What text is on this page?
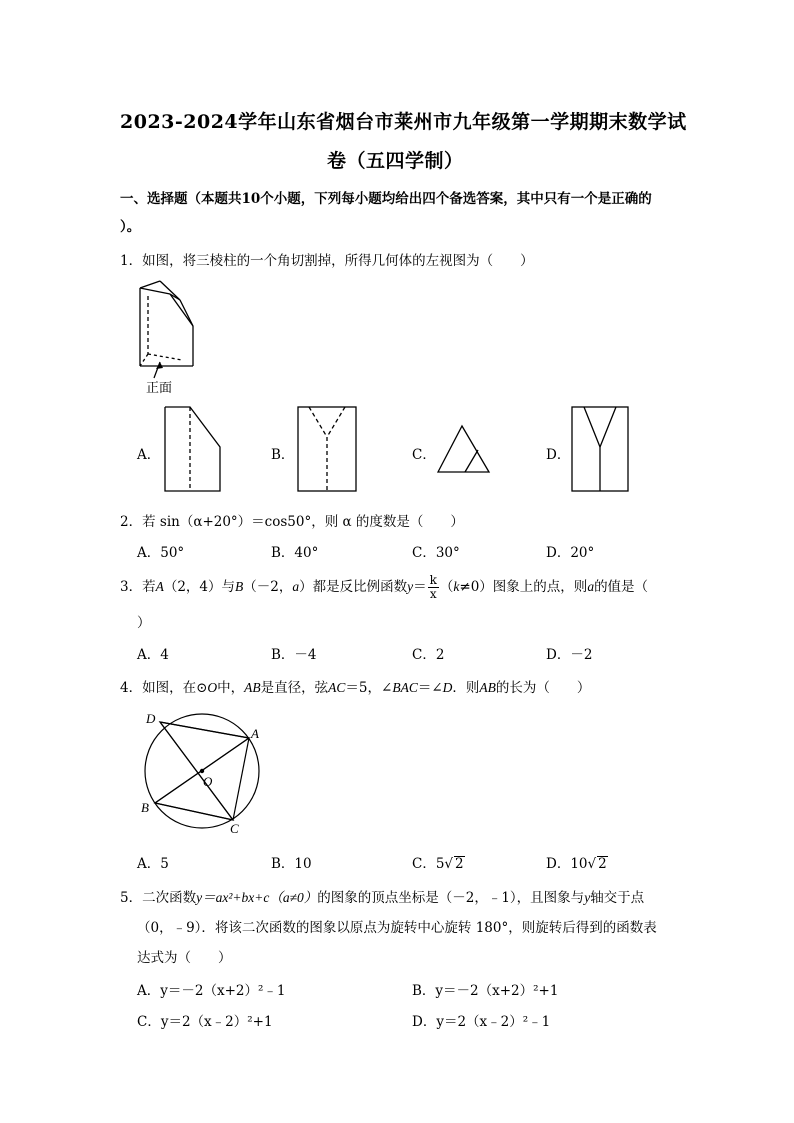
2023-2024学年山东省烟台市莱州市九年级第一学期期末数学试
卷（五四学制）
一、选择题（本题共10个小题，下列每小题均给出四个备选答案，其中只有一个是正确的
）。
1．如图，将三棱柱的一个角切割掉，所得几何体的左视图为（　　）
正面
A．	B．	C．	D．
2．若 sin（α+20°）＝cos50°，则 α 的度数是（　　）
A．50°	B．40°	C．30°	D．20°
3．若A（2，4）与B（－2，a）都是反比例函数$y= \frac{k}{x} (k\ne 0)$图象上的点，则a的值是（
）
A．4	B．－4	C．2	D．－2
4．如图，在⊙O中，AB是直径，弦AC＝5，∠BAC＝∠D．则AB的长为（　　）
D
A
O
B
C
A．5	B．10	C．5√ 2	D．10√ 2
5．二次函数y＝ax²+bx+c（a≠0）的图象的顶点坐标是（－2，﹣1），且图象与y轴交于点
（0，﹣9）．将该二次函数的图象以原点为旋转中心旋转 180°，则旋转后得到的函数表
达式为（　　）
A．y＝－2（x+2）²﹣1	B．y＝－2（x+2）²+1
C．y＝2（x﹣2）²+1	D．y＝2（x﹣2）²﹣1
